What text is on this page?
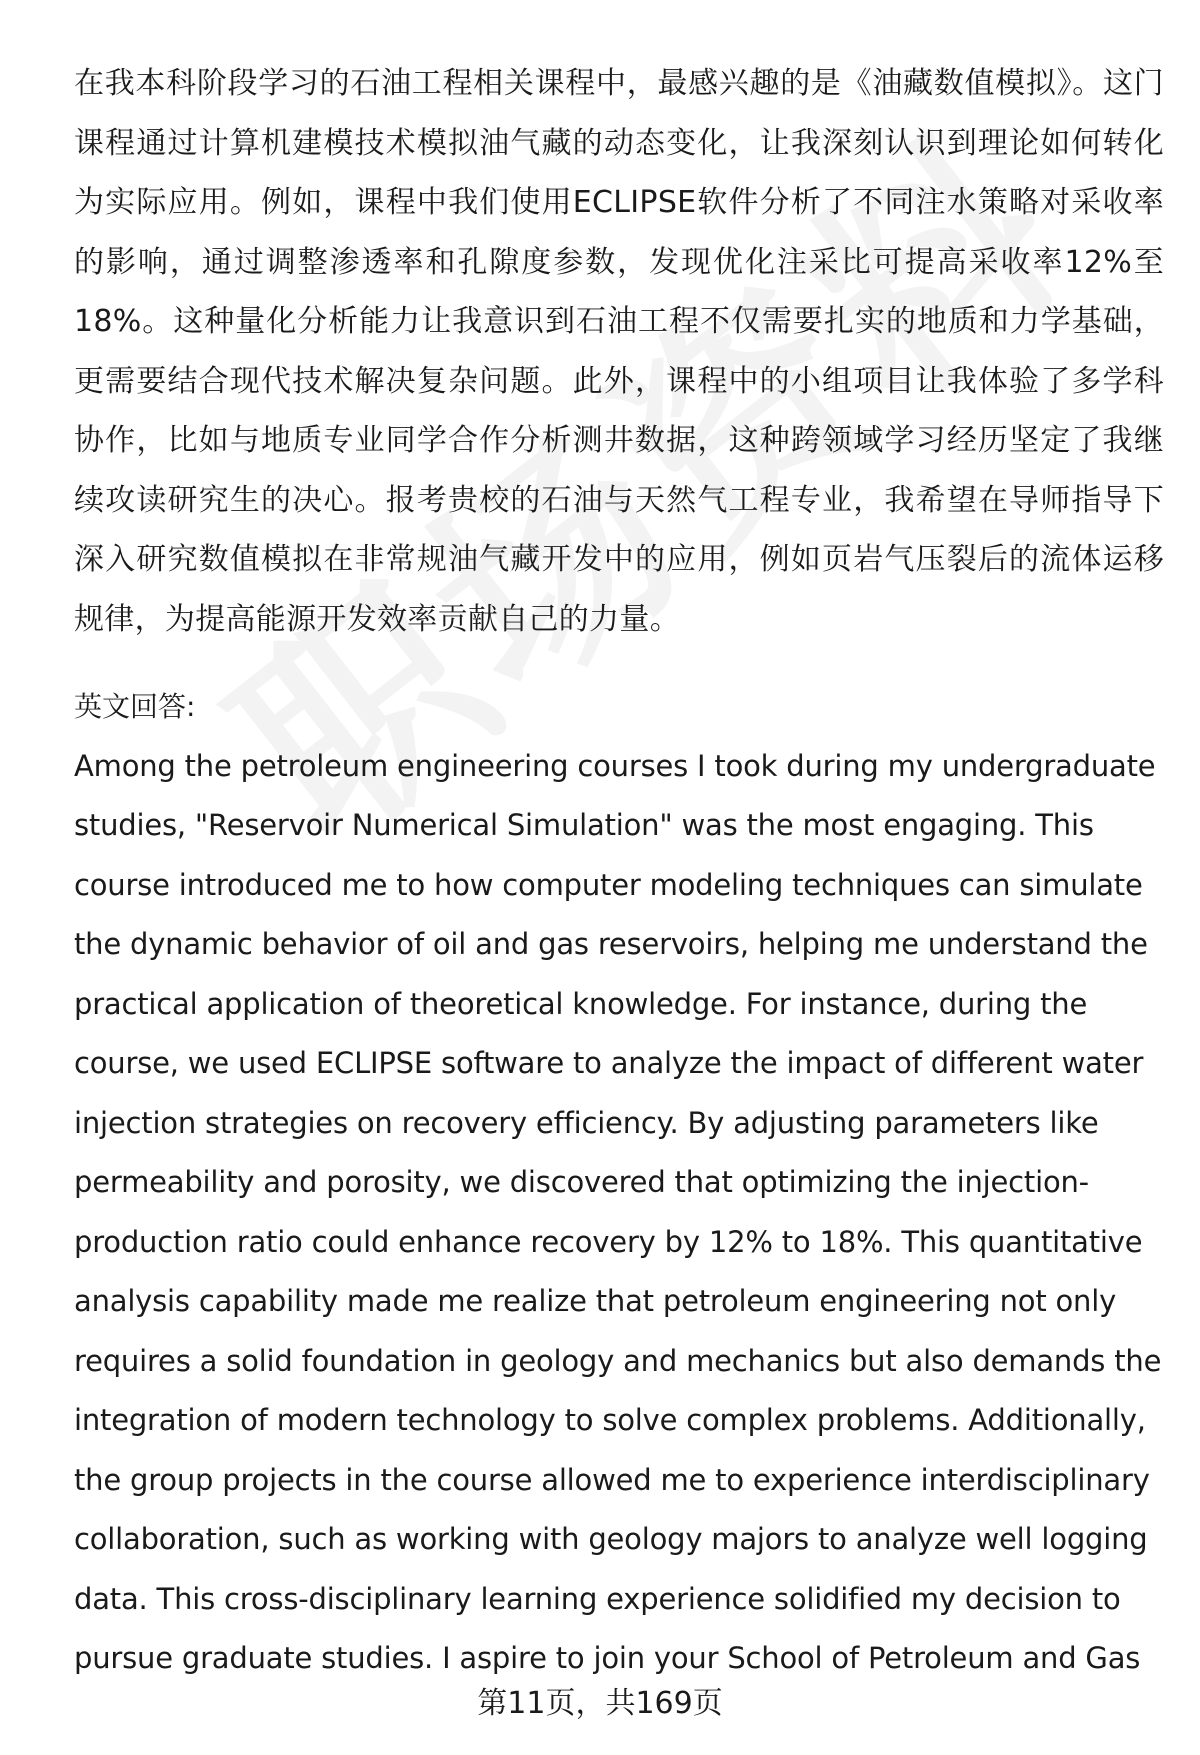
在我本科阶段学习的石油工程相关课程中，最感兴趣的是《油藏数值模拟》。这门课程通过计算机建模技术模拟油气藏的动态变化，让我深刻认识到理论如何转化为实际应用。例如，课程中我们使用ECLIPSE软件分析了不同注水策略对采收率的影响，通过调整渗透率和孔隙度参数，发现优化注采比可提高采收率12%至18%。这种量化分析能力让我意识到石油工程不仅需要扎实的地质和力学基础，更需要结合现代技术解决复杂问题。此外，课程中的小组项目让我体验了多学科协作，比如与地质专业同学合作分析测井数据，这种跨领域学习经历坚定了我继续攻读研究生的决心。报考贵校的石油与天然气工程专业，我希望在导师指导下深入研究数值模拟在非常规油气藏开发中的应用，例如页岩气压裂后的流体运移规律，为提高能源开发效率贡献自己的力量。

英文回答:

Among the petroleum engineering courses I took during my undergraduate studies, "Reservoir Numerical Simulation" was the most engaging. This course introduced me to how computer modeling techniques can simulate the dynamic behavior of oil and gas reservoirs, helping me understand the practical application of theoretical knowledge. For instance, during the course, we used ECLIPSE software to analyze the impact of different water injection strategies on recovery efficiency. By adjusting parameters like permeability and porosity, we discovered that optimizing the injection-production ratio could enhance recovery by 12% to 18%. This quantitative analysis capability made me realize that petroleum engineering not only requires a solid foundation in geology and mechanics but also demands the integration of modern technology to solve complex problems. Additionally, the group projects in the course allowed me to experience interdisciplinary collaboration, such as working with geology majors to analyze well logging data. This cross-disciplinary learning experience solidified my decision to pursue graduate studies. I aspire to join your School of Petroleum and Gas

第11页，共169页
